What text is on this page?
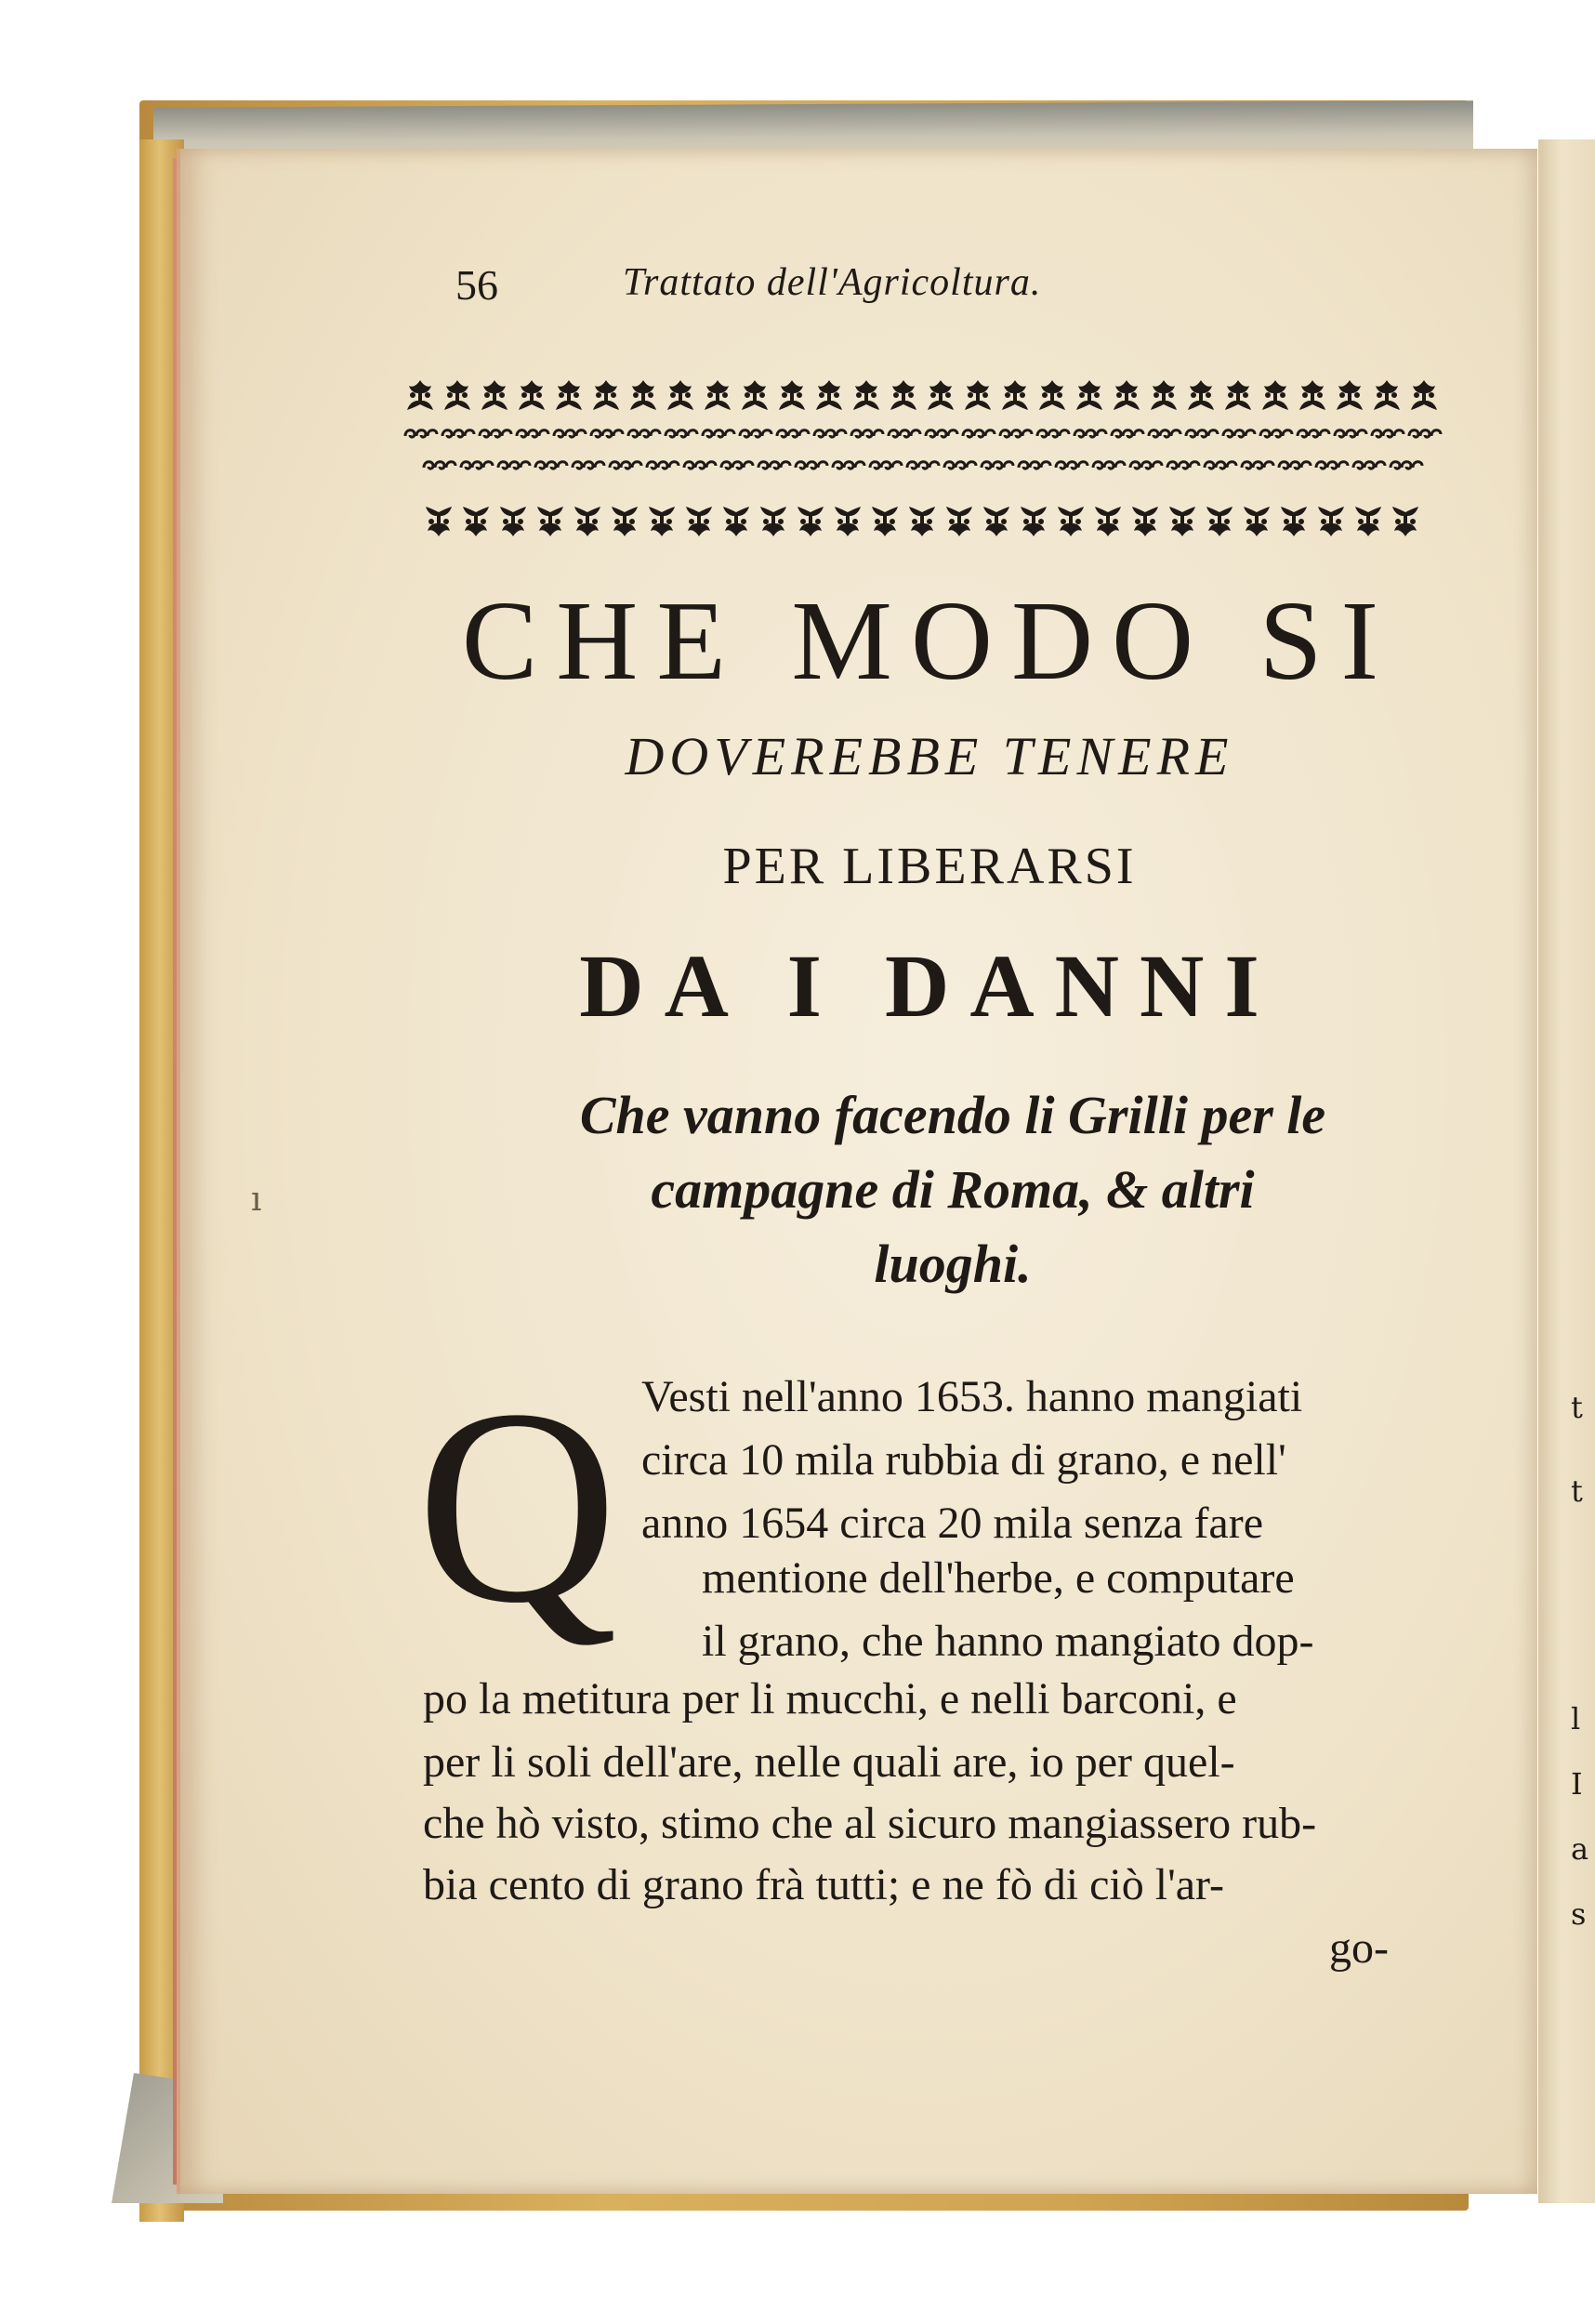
t
t
l
I
a
s
56	Trattato dell'Agricoltura.
CHE MODO SI
DOVEREBBE TENERE
PER LIBERARSI
DA I DANNI
Che vanno facendo li Grilli per le
campagne di Roma, & altri
luoghi.
Q Vesti nell'anno 1653. hanno mangiati
circa 10 mila rubbia di grano, e nell'
anno 1654 circa 20 mila senza fare
mentione dell'herbe, e computare
il grano, che hanno mangiato dop-
po la metitura per li mucchi, e nelli barconi, e
per li soli dell'are, nelle quali are, io per quel-
che hò visto, stimo che al sicuro mangiassero rub-
bia cento di grano frà tutti; e ne fò di ciò l'ar-
go-
ı
